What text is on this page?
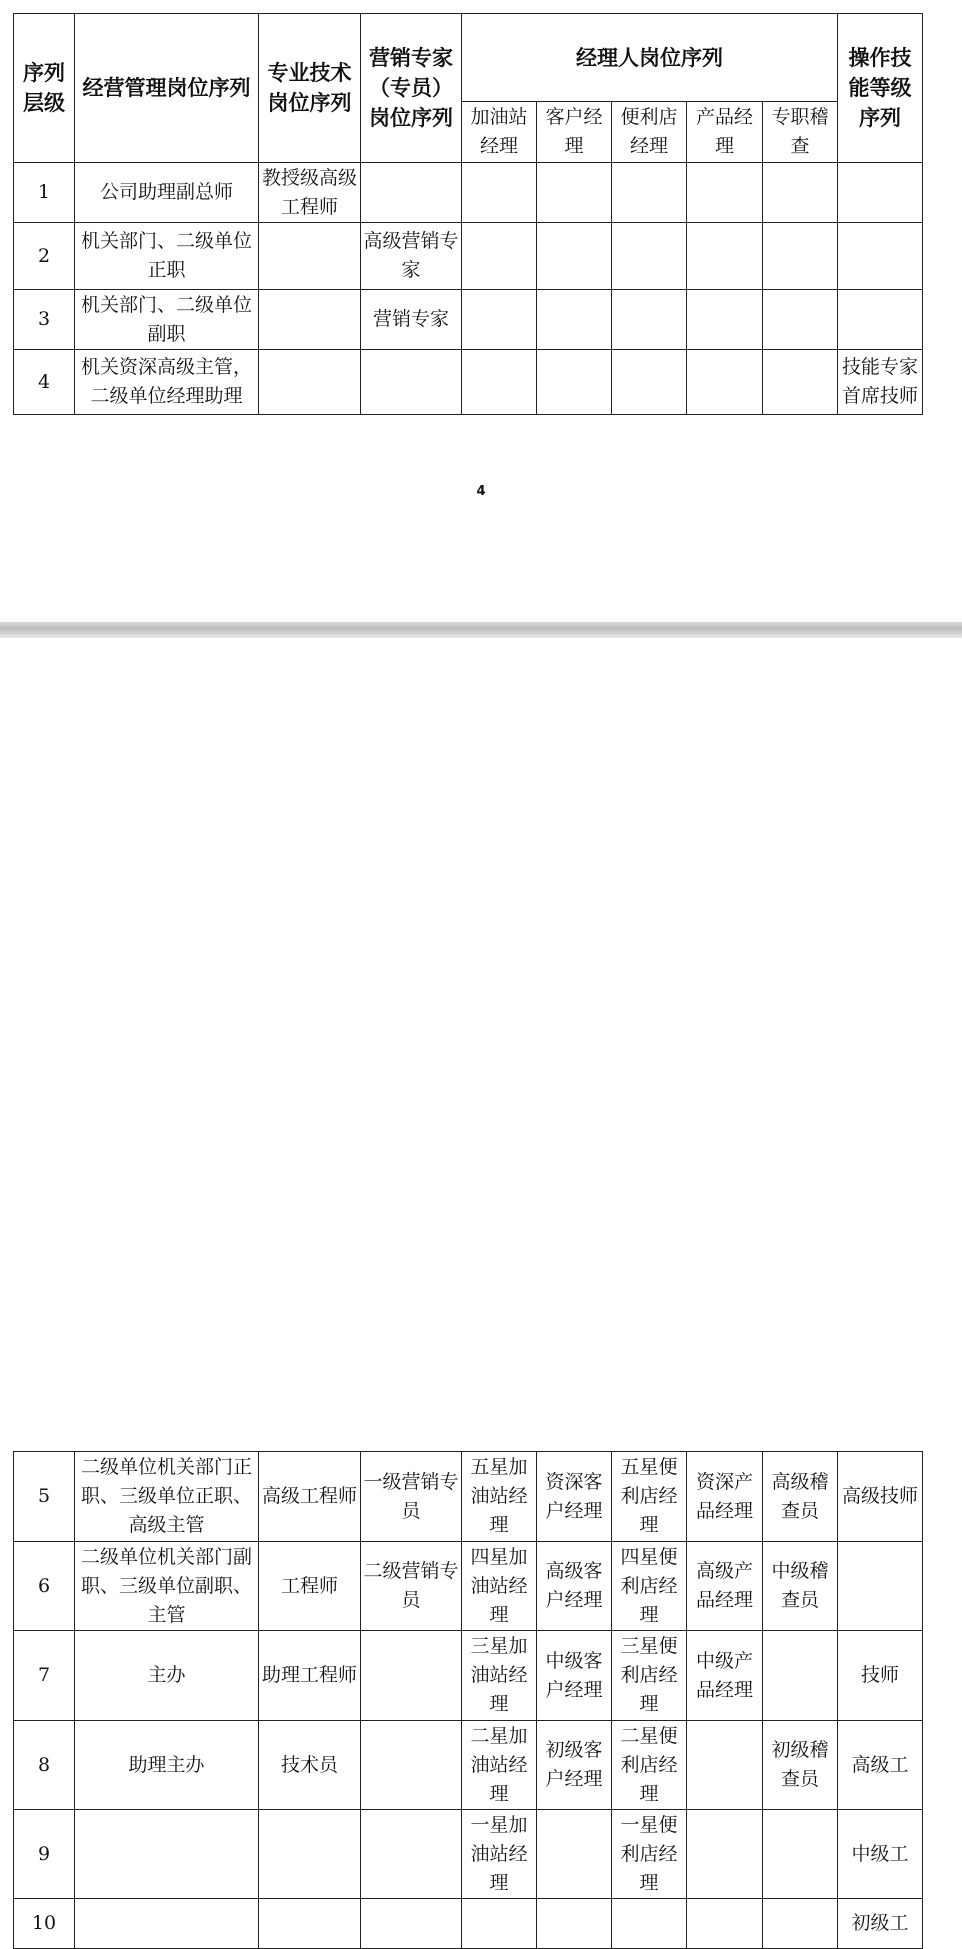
序列层级	经营管理岗位序列	专业技术岗位序列	营销专家（专员）岗位序列	经理人岗位序列					操作技能等级序列
				加油站经理	客户经理	便利店经理	产品经理	专职稽查	
1	公司助理副总师	教授级高级工程师							
2	机关部门、二级单位正职		高级营销专家						
3	机关部门、二级单位副职		营销专家						
4	机关资深高级主管，二级单位经理助理								技能专家首席技师
4
5	二级单位机关部门正职、三级单位正职、高级主管	高级工程师	一级营销专员	五星加油站经理	资深客户经理	五星便利店经理	资深产品经理	高级稽查员	高级技师
6	二级单位机关部门副职、三级单位副职、主管	工程师	二级营销专员	四星加油站经理	高级客户经理	四星便利店经理	高级产品经理	中级稽查员	
7	主办	助理工程师		三星加油站经理	中级客户经理	三星便利店经理	中级产品经理		技师
8	助理主办	技术员		二星加油站经理	初级客户经理	二星便利店经理		初级稽查员	高级工
9				一星加油站经理		一星便利店经理			中级工
10									初级工
